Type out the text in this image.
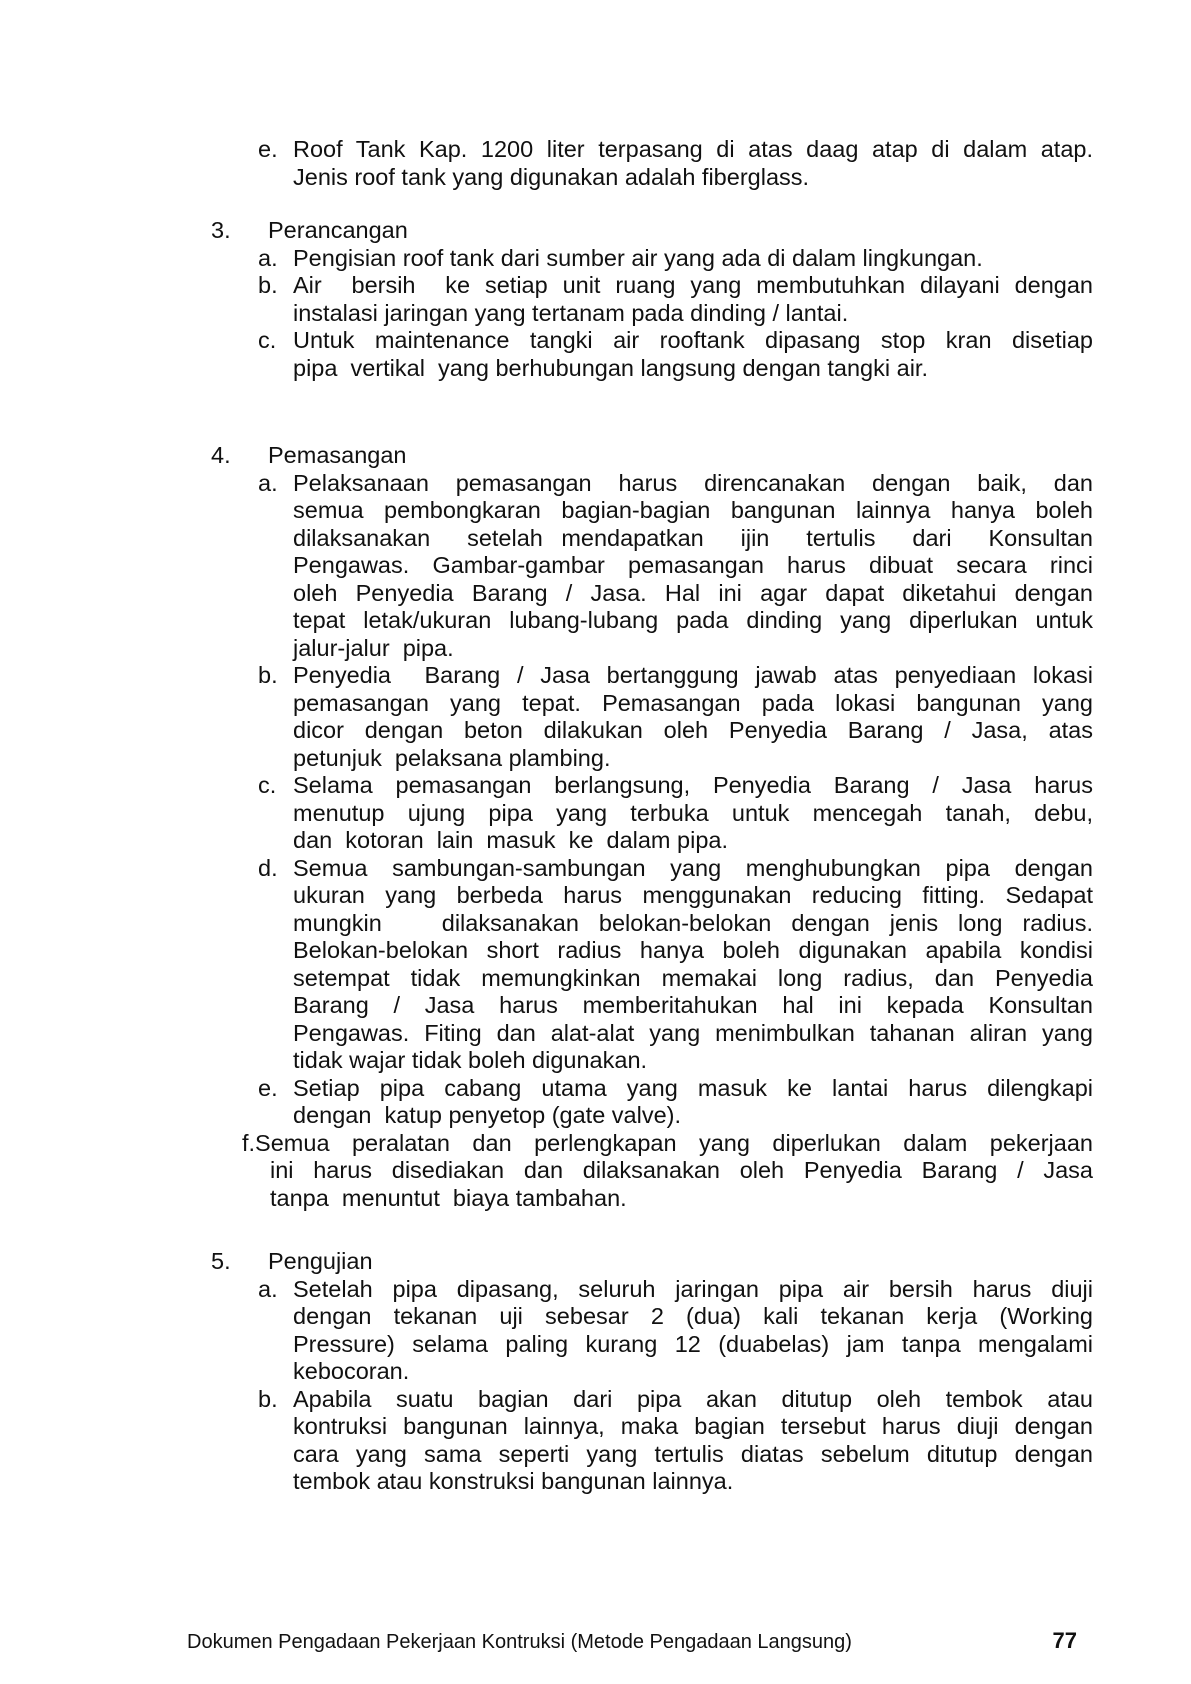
e. Roof Tank Kap. 1200 liter terpasang di atas daag atap di dalam atap.
Jenis roof tank yang digunakan adalah fiberglass.
3.	Perancangan
a. Pengisian roof tank dari sumber air yang ada di dalam lingkungan.
b. Air  bersih  ke setiap unit ruang yang membutuhkan dilayani dengan
instalasi jaringan yang tertanam pada dinding / lantai.
c. Untuk maintenance tangki air rooftank dipasang stop kran disetiap
pipa  vertikal  yang berhubungan langsung dengan tangki air.
4.	Pemasangan
a. Pelaksanaan pemasangan harus direncanakan dengan baik, dan
semua pembongkaran bagian-bagian bangunan lainnya hanya boleh
dilaksanakan  setelah mendapatkan  ijin  tertulis  dari  Konsultan
Pengawas. Gambar-gambar pemasangan harus dibuat secara rinci
oleh Penyedia Barang / Jasa. Hal ini agar dapat diketahui dengan
tepat letak/ukuran lubang-lubang pada dinding yang diperlukan untuk
jalur-jalur  pipa.
b. Penyedia  Barang / Jasa bertanggung jawab atas penyediaan lokasi
pemasangan yang tepat. Pemasangan pada lokasi bangunan yang
dicor dengan beton dilakukan oleh Penyedia Barang / Jasa, atas
petunjuk  pelaksana plambing.
c. Selama pemasangan berlangsung, Penyedia Barang / Jasa harus
menutup ujung pipa yang terbuka untuk mencegah tanah, debu,
dan  kotoran  lain  masuk  ke  dalam pipa.
d. Semua sambungan-sambungan yang menghubungkan pipa dengan
ukuran yang berbeda harus menggunakan reducing fitting. Sedapat
mungkin   dilaksanakan belokan-belokan dengan jenis long radius.
Belokan-belokan short radius hanya boleh digunakan apabila kondisi
setempat tidak memungkinkan memakai long radius, dan Penyedia
Barang / Jasa harus memberitahukan hal ini kepada Konsultan
Pengawas. Fiting dan alat-alat yang menimbulkan tahanan aliran yang
tidak wajar tidak boleh digunakan.
e. Setiap pipa cabang utama yang masuk ke lantai harus dilengkapi
dengan  katup penyetop (gate valve).
f.Semua peralatan dan perlengkapan yang diperlukan dalam pekerjaan
ini harus disediakan dan dilaksanakan oleh Penyedia Barang / Jasa
tanpa  menuntut  biaya tambahan.
5.	Pengujian
a. Setelah pipa dipasang, seluruh jaringan pipa air bersih harus diuji
dengan tekanan uji sebesar 2 (dua) kali tekanan kerja (Working
Pressure) selama paling kurang 12 (duabelas) jam tanpa mengalami
kebocoran.
b. Apabila suatu bagian dari pipa akan ditutup oleh tembok atau
kontruksi bangunan lainnya, maka bagian tersebut harus diuji dengan
cara yang sama seperti yang tertulis diatas sebelum ditutup dengan
tembok atau konstruksi bangunan lainnya.
Dokumen Pengadaan Pekerjaan Kontruksi (Metode Pengadaan Langsung)	77
